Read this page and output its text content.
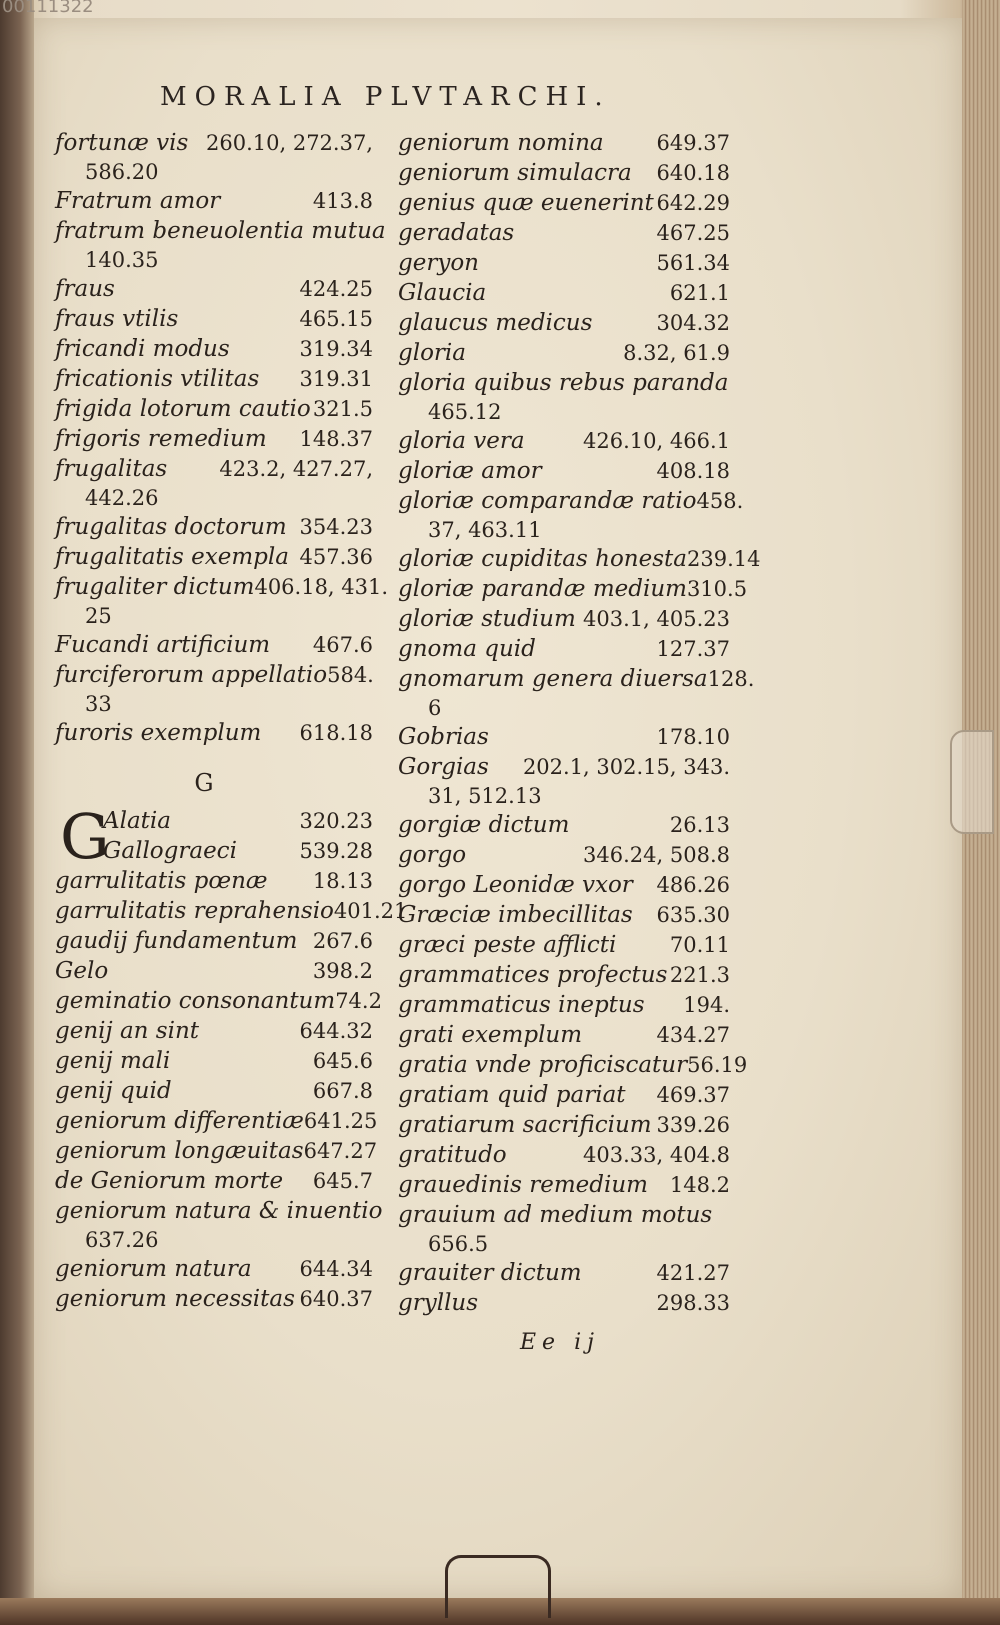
00111322
MORALIA PLVTARCHI.
fortunæ vis 260.10, 272.37,
586.20
Fratrum amor	413.8
fratrum beneuolentia mutua
140.35
fraus	424.25
fraus vtilis	465.15
fricandi modus	319.34
fricationis vtilitas 319.31
frigida lotorum cautio 321.5
frigoris remedium 148.37
frugalitas 423.2, 427.27,
442.26
frugalitas doctorum 354.23
frugalitatis exempla 457.36
frugaliter dictum 406.18, 431.
25
Fucandi artificium 467.6
furciferorum appellatio 584.
33
furoris exemplum 618.18
G
G
Alatia	320.23
Gallograeci	539.28
garrulitatis pœnæ 18.13
garrulitatis reprahensio 401.21
gaudij fundamentum 267.6
Gelo	398.2
geminatio consonantum 74.2
genij an sint	644.32
genij mali	645.6
genij quid	667.8
geniorum differentiæ 641.25
geniorum longæuitas 647.27
de Geniorum morte 645.7
geniorum natura & inuentio
637.26
geniorum natura 644.34
geniorum necessitas 640.37
geniorum nomina	649.37
geniorum simulacra 640.18
genius quæ euenerint 642.29
geradatas	467.25
geryon	561.34
Glaucia	621.1
glaucus medicus	304.32
gloria	8.32, 61.9
gloria quibus rebus paranda
465.12
gloria vera	426.10, 466.1
gloriæ amor	408.18
gloriæ comparandæ ratio 458.
37, 463.11
gloriæ cupiditas honesta 239.14
gloriæ parandæ medium 310.5
gloriæ studium 403.1, 405.23
gnoma quid	127.37
gnomarum genera diuersa 128.
6
Gobrias	178.10
Gorgias 202.1, 302.15, 343.
31, 512.13
gorgiæ dictum	26.13
gorgo	346.24, 508.8
gorgo Leonidæ vxor 486.26
Græciæ imbecillitas 635.30
græci peste afflicti	70.11
grammatices profectus 221.3
grammaticus ineptus 194.
grati exemplum	434.27
gratia vnde proficiscatur 56.19
gratiam quid pariat 469.37
gratiarum sacrificium 339.26
gratitudo	403.33, 404.8
grauedinis remedium 148.2
grauium ad medium motus
656.5
grauiter dictum	421.27
gryllus	298.33
Ee ij
